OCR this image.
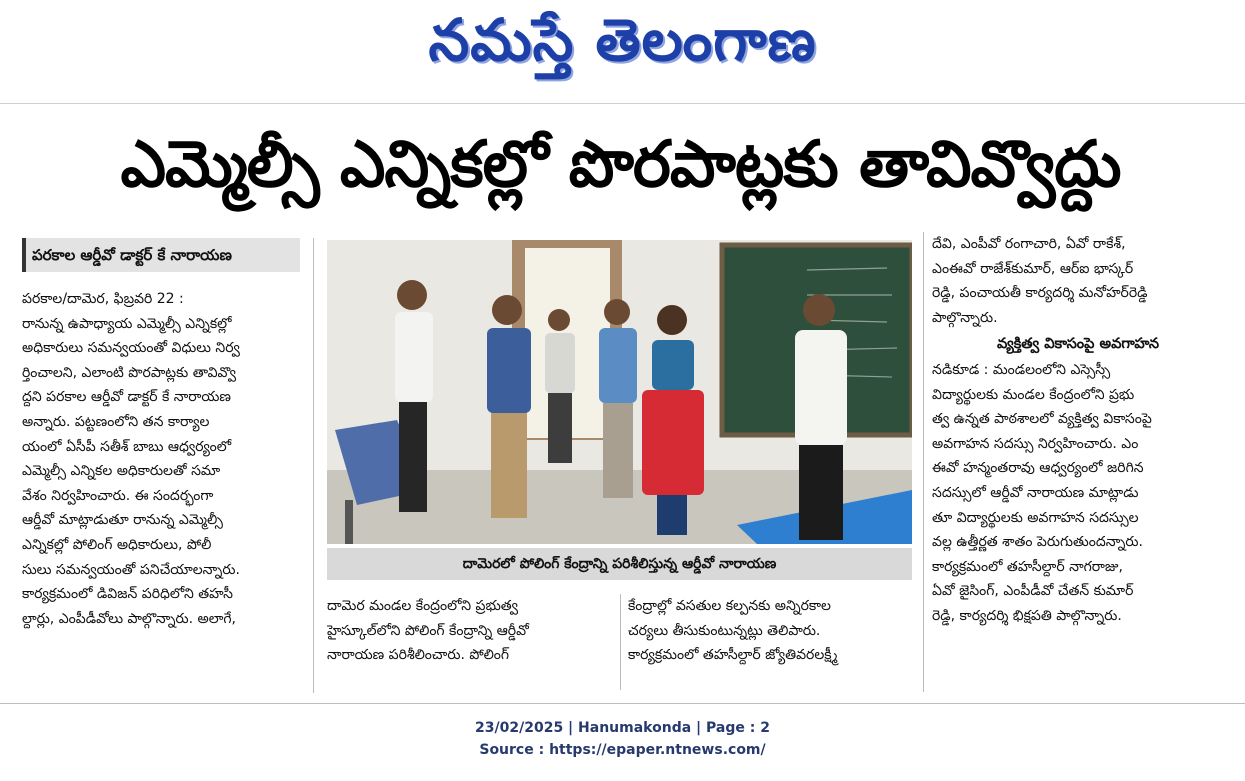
నమస్తే తెలంగాణ
ఎమ్మెల్సీ ఎన్నికల్లో పొరపాట్లకు తావివ్వొద్దు
పరకాల ఆర్డీవో డాక్టర్ కే నారాయణ
పరకాల/దామెర, ఫిబ్రవరి 22 :
రానున్న ఉపాధ్యాయ ఎమ్మెల్సీ ఎన్నికల్లో
అధికారులు సమన్వయంతో విధులు నిర్వ
ర్తించాలని, ఎలాంటి పొరపాట్లకు తావివ్వొ
ద్దని పరకాల ఆర్డీవో డాక్టర్ కే నారాయణ
అన్నారు. పట్టణంలోని తన కార్యాల
యంలో ఏసీపీ సతీశ్ బాబు ఆధ్వర్యంలో
ఎమ్మెల్సీ ఎన్నికల అధికారులతో సమా
వేశం నిర్వహించారు. ఈ సందర్భంగా
ఆర్డీవో మాట్లాడుతూ రానున్న ఎమ్మెల్సీ
ఎన్నికల్లో పోలింగ్ అధికారులు, పోలీ
సులు సమన్వయంతో పనిచేయాలన్నారు.
కార్యక్రమంలో డివిజన్ పరిధిలోని తహసీ
ల్దార్లు, ఎంపీడీవోలు పాల్గొన్నారు. అలాగే,
దామెరలో పోలింగ్ కేంద్రాన్ని పరిశీలిస్తున్న ఆర్డీవో నారాయణ
దామెర మండల కేంద్రంలోని ప్రభుత్వ
హైస్కూల్‌లోని పోలింగ్ కేంద్రాన్ని ఆర్డీవో
నారాయణ పరిశీలించారు. పోలింగ్
కేంద్రాల్లో వసతుల కల్పనకు అన్నిరకాల
చర్యలు తీసుకుంటున్నట్లు తెలిపారు.
కార్యక్రమంలో తహసీల్దార్ జ్యోతివరలక్ష్మీ
దేవి, ఎంపీవో రంగాచారి, ఏవో రాకేశ్,
ఎంఈవో రాజేశ్‌కుమార్, ఆర్ఐ భాస్కర్
రెడ్డి, పంచాయతీ కార్యదర్శి మనోహర్‌రెడ్డి
పాల్గొన్నారు.
వ్యక్తిత్వ వికాసంపై అవగాహన
నడికూడ : మండలంలోని ఎస్సెస్సీ
విద్యార్థులకు మండల కేంద్రంలోని ప్రభు
త్వ ఉన్నత పాఠశాలలో వ్యక్తిత్వ వికాసంపై
అవగాహన సదస్సు నిర్వహించారు. ఎం
ఈవో హన్మంతరావు ఆధ్వర్యంలో జరిగిన
సదస్సులో ఆర్డీవో నారాయణ మాట్లాడు
తూ విద్యార్థులకు అవగాహన సదస్సుల
వల్ల ఉత్తీర్ణత శాతం పెరుగుతుందన్నారు.
కార్యక్రమంలో తహసీల్దార్ నాగరాజు,
ఏవో జైసింగ్, ఎంపీడీవో చేతన్ కుమార్
రెడ్డి, కార్యదర్శి భిక్షపతి పాల్గొన్నారు.
23/02/2025 | Hanumakonda | Page : 2
Source : https://epaper.ntnews.com/
